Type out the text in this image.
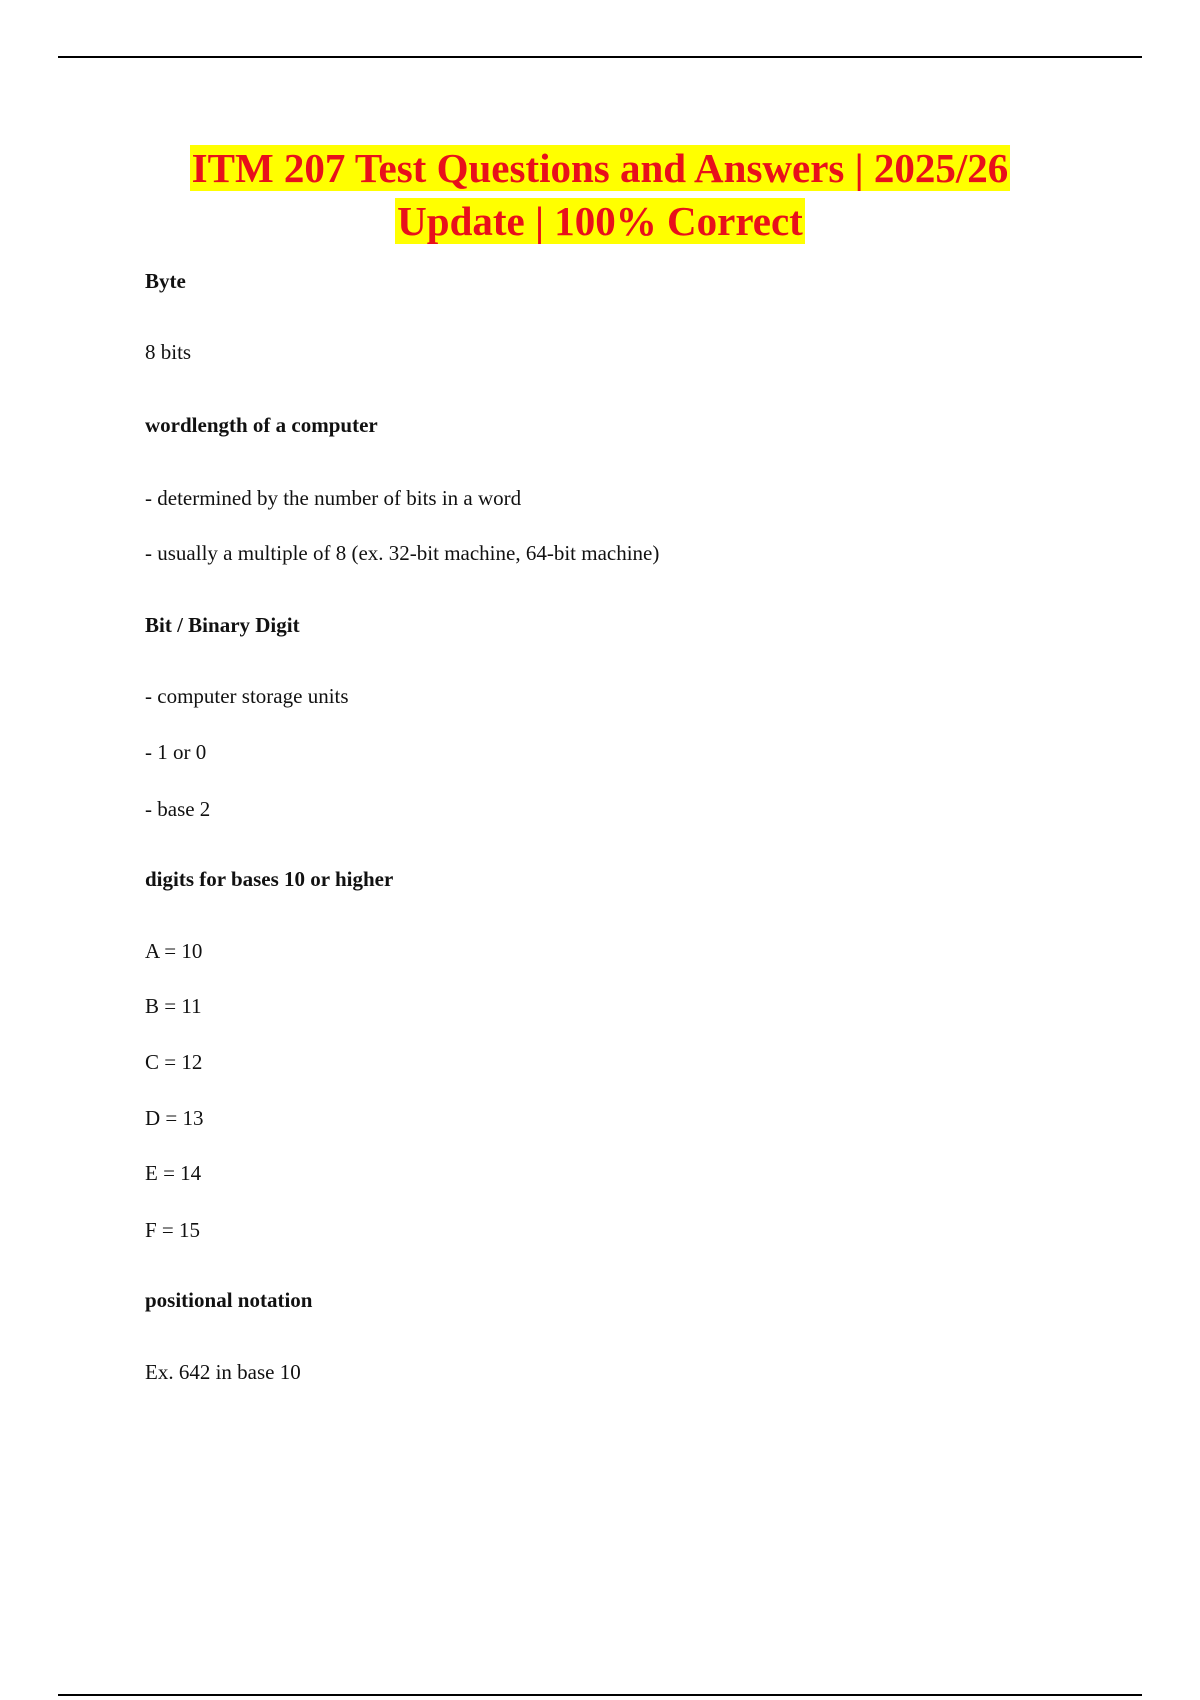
ITM 207 Test Questions and Answers | 2025/26
Update | 100% Correct
Byte
8 bits
wordlength of a computer
- determined by the number of bits in a word
- usually a multiple of 8 (ex. 32-bit machine, 64-bit machine)
Bit / Binary Digit
- computer storage units
- 1 or 0
- base 2
digits for bases 10 or higher
A = 10
B = 11
C = 12
D = 13
E = 14
F = 15
positional notation
Ex. 642 in base 10
